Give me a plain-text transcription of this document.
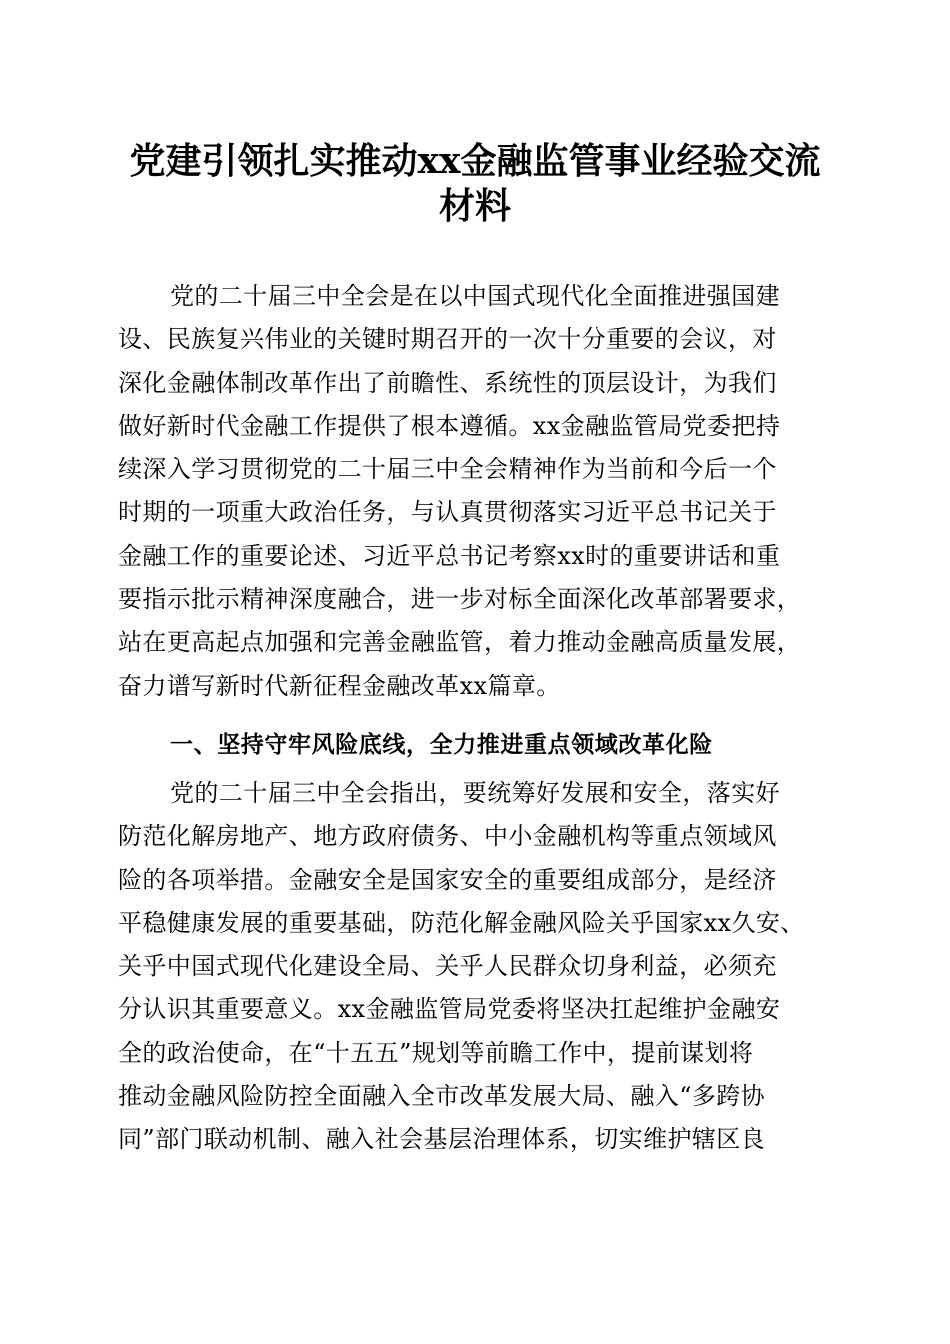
党建引领扎实推动xx金融监管事业经验交流
材料
党的二十届三中全会是在以中国式现代化全面推进强国建
设、民族复兴伟业的关键时期召开的一次十分重要的会议，对
深化金融体制改革作出了前瞻性、系统性的顶层设计，为我们
做好新时代金融工作提供了根本遵循。xx金融监管局党委把持
续深入学习贯彻党的二十届三中全会精神作为当前和今后一个
时期的一项重大政治任务，与认真贯彻落实习近平总书记关于
金融工作的重要论述、习近平总书记考察xx时的重要讲话和重
要指示批示精神深度融合，进一步对标全面深化改革部署要求，
站在更高起点加强和完善金融监管，着力推动金融高质量发展，
奋力谱写新时代新征程金融改革xx篇章。
一、坚持守牢风险底线，全力推进重点领域改革化险
党的二十届三中全会指出，要统筹好发展和安全，落实好
防范化解房地产、地方政府债务、中小金融机构等重点领域风
险的各项举措。金融安全是国家安全的重要组成部分，是经济
平稳健康发展的重要基础，防范化解金融风险关乎国家xx久安、
关乎中国式现代化建设全局、关乎人民群众切身利益，必须充
分认识其重要意义。xx金融监管局党委将坚决扛起维护金融安
全的政治使命，在“十五五”规划等前瞻工作中，提前谋划将
推动金融风险防控全面融入全市改革发展大局、融入“多跨协
同”部门联动机制、融入社会基层治理体系，切实维护辖区良
